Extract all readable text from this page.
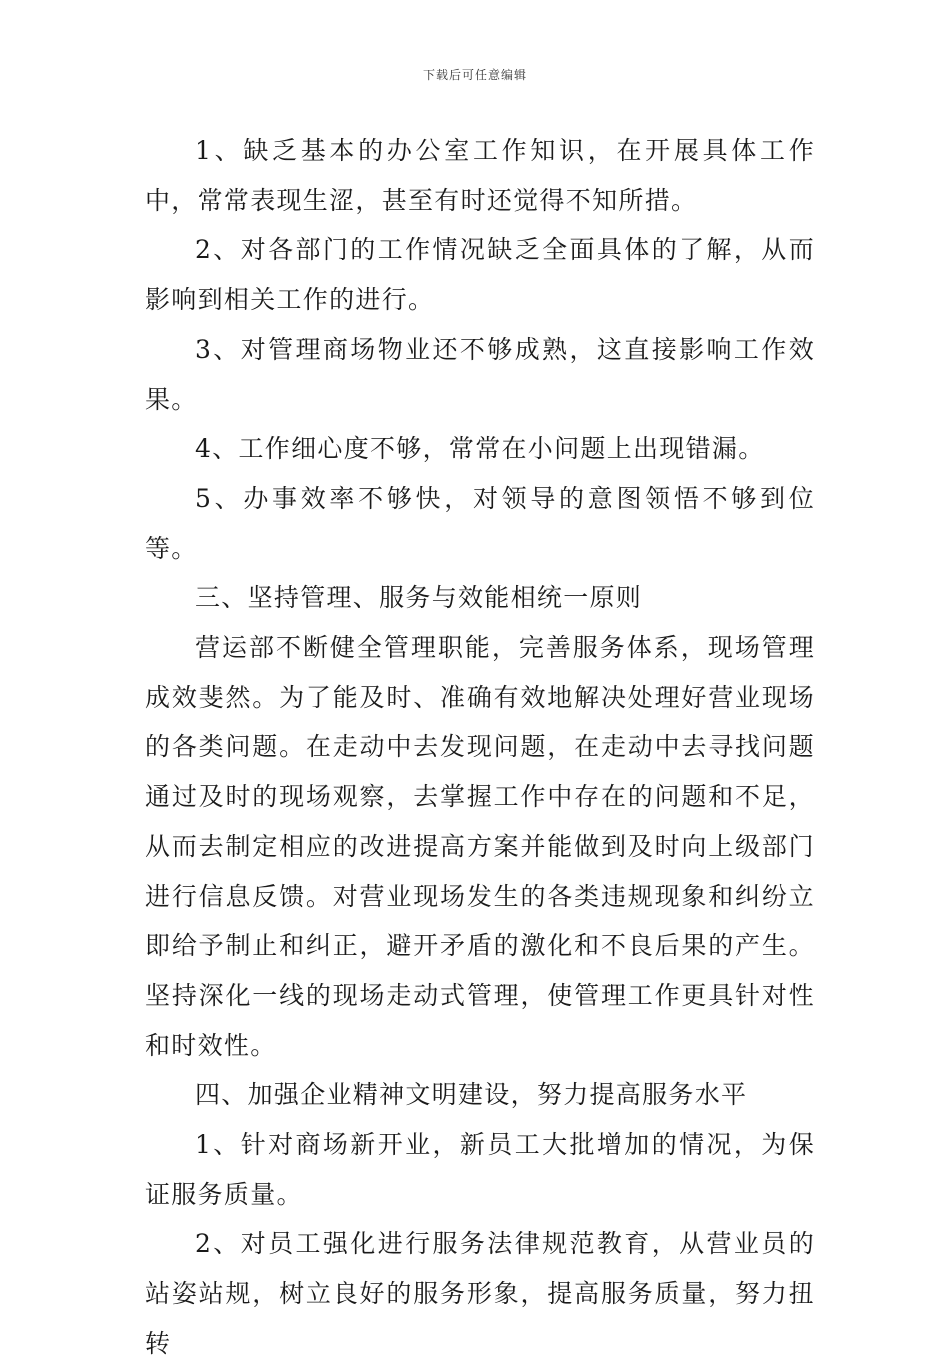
下载后可任意编辑

1、缺乏基本的办公室工作知识，在开展具体工作中，常常表现生涩，甚至有时还觉得不知所措。

2、对各部门的工作情况缺乏全面具体的了解，从而影响到相关工作的进行。

3、对管理商场物业还不够成熟，这直接影响工作效果。

4、工作细心度不够，常常在小问题上出现错漏。

5、办事效率不够快，对领导的意图领悟不够到位等。

三、坚持管理、服务与效能相统一原则

营运部不断健全管理职能，完善服务体系，现场管理成效斐然。为了能及时、准确有效地解决处理好营业现场的各类问题。在走动中去发现问题，在走动中去寻找问题通过及时的现场观察，去掌握工作中存在的问题和不足，从而去制定相应的改进提高方案并能做到及时向上级部门进行信息反馈。对营业现场发生的各类违规现象和纠纷立即给予制止和纠正，避开矛盾的激化和不良后果的产生。坚持深化一线的现场走动式管理，使管理工作更具针对性和时效性。

四、加强企业精神文明建设，努力提高服务水平

1、针对商场新开业，新员工大批增加的情况，为保证服务质量。

2、对员工强化进行服务法律规范教育，从营业员的站姿站规，树立良好的服务形象，提高服务质量，努力扭转
